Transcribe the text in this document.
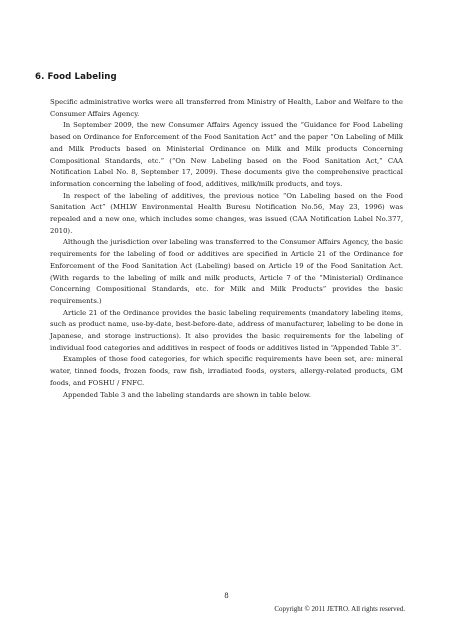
6. Food Labeling

Specific administrative works were all transferred from Ministry of Health, Labor and Welfare to the Consumer Affairs Agency.

In September 2009, the new Consumer Affairs Agency issued the “Guidance for Food Labeling based on Ordinance for Enforcement of the Food Sanitation Act” and the paper “On Labeling of Milk and Milk Products based on Ministerial Ordinance on Milk and Milk products Concerning Compositional Standards, etc.” (“On New Labeling based on the Food Sanitation Act,” CAA Notification Label No. 8, September 17, 2009). These documents give the comprehensive practical information concerning the labeling of food, additives, milk/milk products, and toys.

In respect of the labeling of additives, the previous notice “On Labeling based on the Food Sanitation Act” (MHLW Environmental Health Buresu Notification No.56, May 23, 1996) was repealed and a new one, which includes some changes, was issued (CAA Notification Label No.377, 2010).

Although the jurisdiction over labeling was transferred to the Consumer Affairs Agency, the basic requirements for the labeling of food or additives are specified in Article 21 of the Ordinance for Enforcement of the Food Sanitation Act (Labeling) based on Article 19 of the Food Sanitation Act. (With regards to the labeling of milk and milk products, Article 7 of the “Ministerial) Ordinance Concerning Compositional Standards, etc. for Milk and Milk Products” provides the basic requirements.)

Article 21 of the Ordinance provides the basic labeling requirements (mandatory labeling items, such as product name, use-by-date, best-before-date, address of manufacturer, labeling to be done in Japanese, and storage instructions). It also provides the basic requirements for the labeling of individual food categories and additives in respect of foods or additives listed in “Appended Table 3”.

Examples of those food categories, for which specific requirements have been set, are: mineral water, tinned foods, frozen foods, raw fish, irradiated foods, oysters, allergy-related products, GM foods, and FOSHU / FNFC.

Appended Table 3 and the labeling standards are shown in table below.

8
Copyright © 2011 JETRO. All rights reserved.
